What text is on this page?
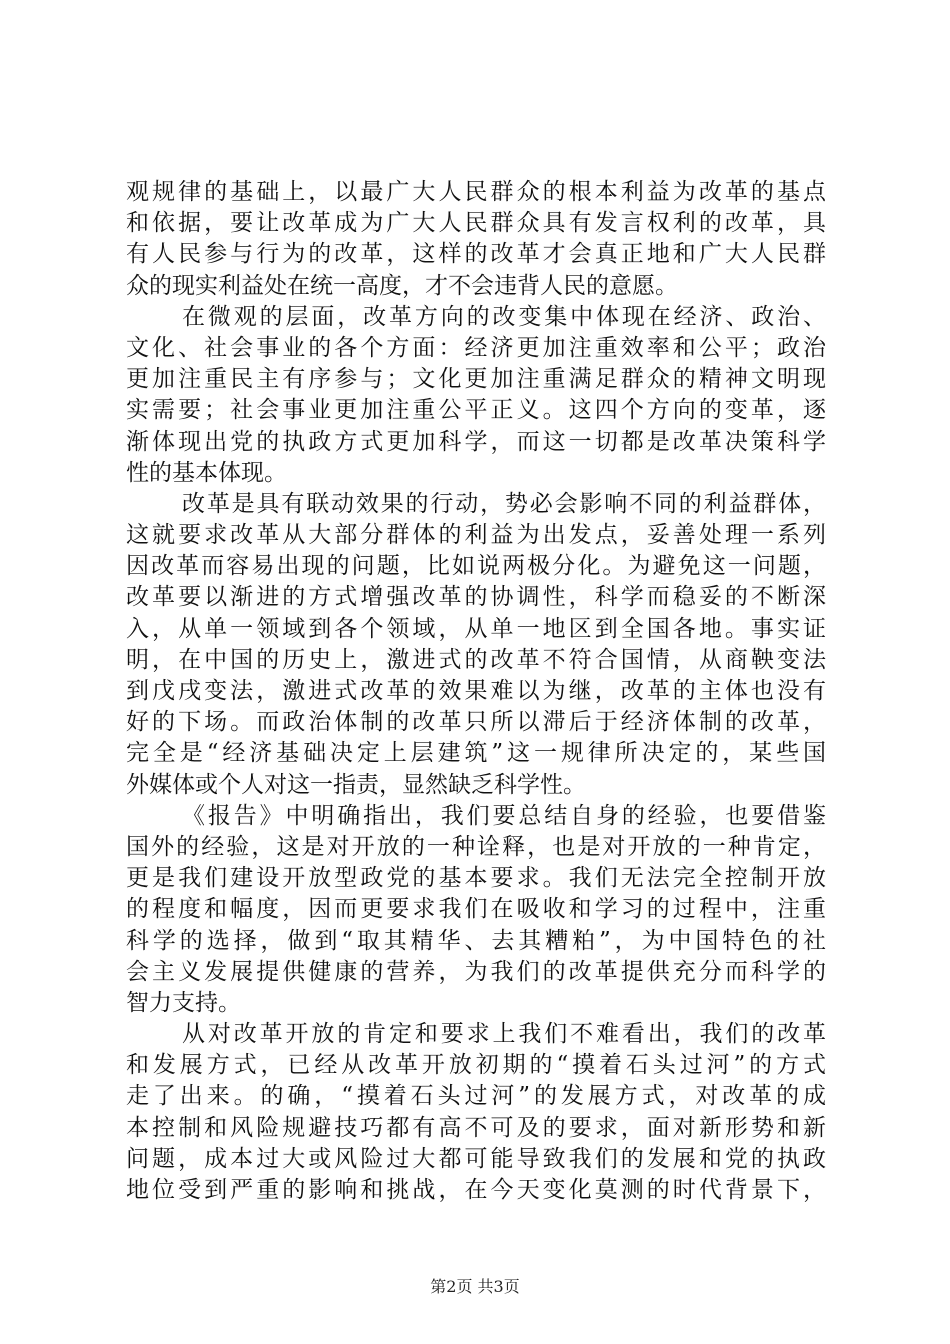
观规律的基础上，以最广大人民群众的根本利益为改革的基点
和依据，要让改革成为广大人民群众具有发言权利的改革，具
有人民参与行为的改革，这样的改革才会真正地和广大人民群
众的现实利益处在统一高度，才不会违背人民的意愿。
在微观的层面，改革方向的改变集中体现在经济、政治、
文化、社会事业的各个方面：经济更加注重效率和公平；政治
更加注重民主有序参与；文化更加注重满足群众的精神文明现
实需要；社会事业更加注重公平正义。这四个方向的变革，逐
渐体现出党的执政方式更加科学，而这一切都是改革决策科学
性的基本体现。
改革是具有联动效果的行动，势必会影响不同的利益群体，
这就要求改革从大部分群体的利益为出发点，妥善处理一系列
因改革而容易出现的问题，比如说两极分化。为避免这一问题，
改革要以渐进的方式增强改革的协调性，科学而稳妥的不断深
入，从单一领域到各个领域，从单一地区到全国各地。事实证
明，在中国的历史上，激进式的改革不符合国情，从商鞅变法
到戊戌变法，激进式改革的效果难以为继，改革的主体也没有
好的下场。而政治体制的改革只所以滞后于经济体制的改革，
完全是“经济基础决定上层建筑”这一规律所决定的，某些国
外媒体或个人对这一指责，显然缺乏科学性。
《报告》中明确指出，我们要总结自身的经验，也要借鉴
国外的经验，这是对开放的一种诠释，也是对开放的一种肯定，
更是我们建设开放型政党的基本要求。我们无法完全控制开放
的程度和幅度，因而更要求我们在吸收和学习的过程中，注重
科学的选择，做到“取其精华、去其糟粕”，为中国特色的社
会主义发展提供健康的营养，为我们的改革提供充分而科学的
智力支持。
从对改革开放的肯定和要求上我们不难看出，我们的改革
和发展方式，已经从改革开放初期的“摸着石头过河”的方式
走了出来。的确，“摸着石头过河”的发展方式，对改革的成
本控制和风险规避技巧都有高不可及的要求，面对新形势和新
问题，成本过大或风险过大都可能导致我们的发展和党的执政
地位受到严重的影响和挑战，在今天变化莫测的时代背景下，
第2页 共3页
